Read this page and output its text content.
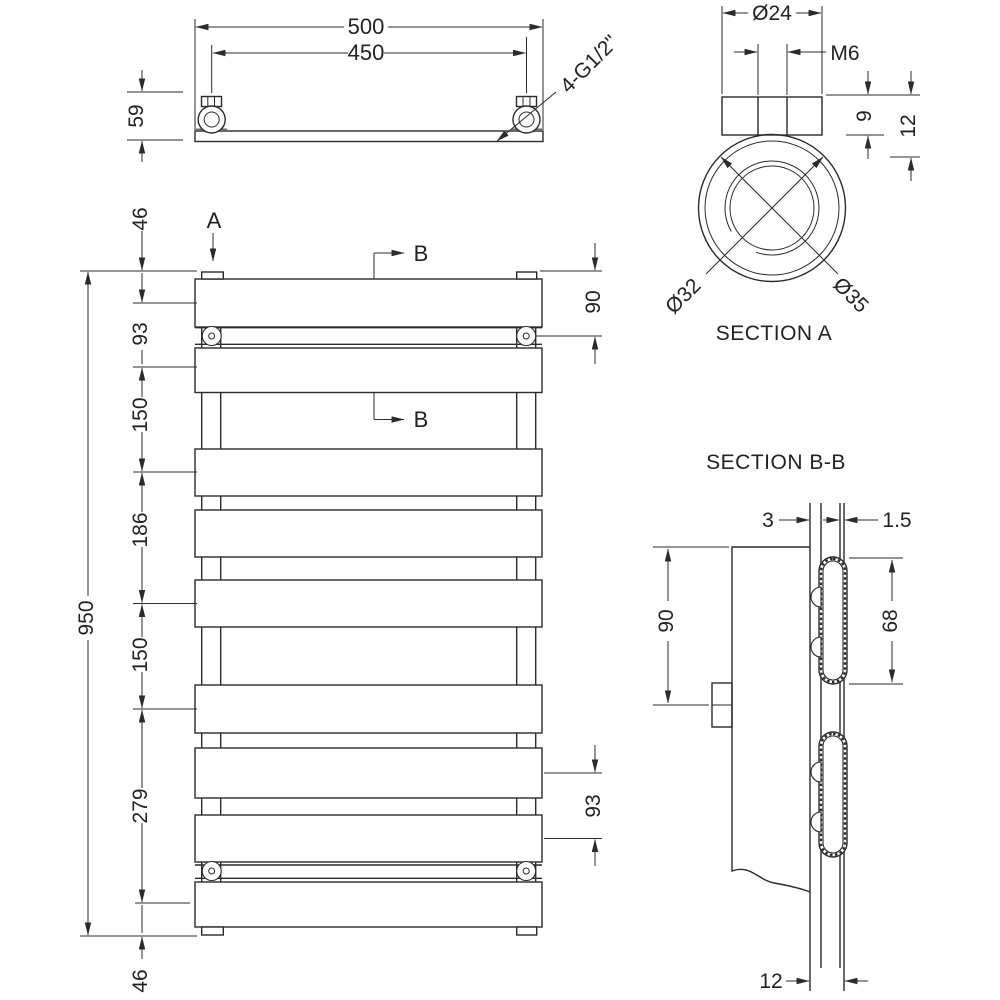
500
450
59
4-G1/2"
950
46
93
150
186
150
279
46
90
93
A
B
B
Ø24
M6
9 12
Ø32	Ø35
SECTION A
SECTION B-B
3	1.5
90	68
12
